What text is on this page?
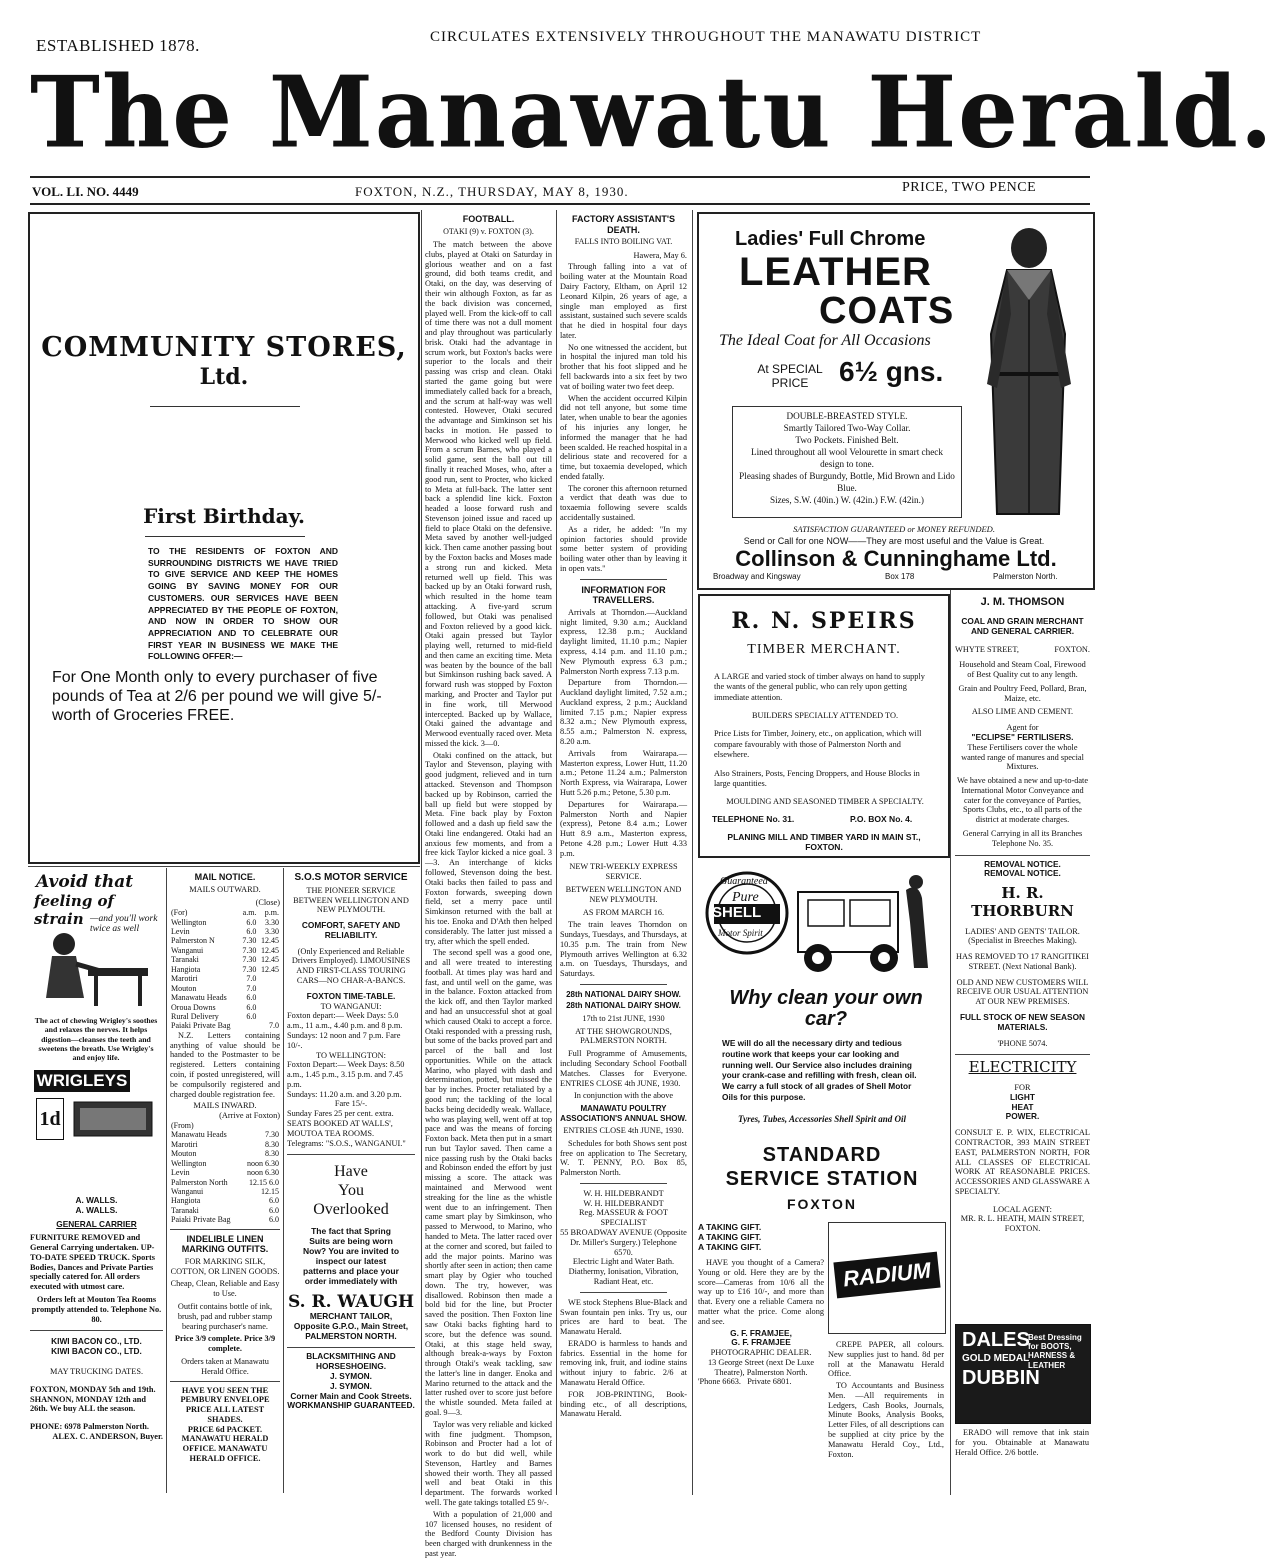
ESTABLISHED 1878.	CIRCULATES EXTENSIVELY THROUGHOUT THE MANAWATU DISTRICT
The Manawatu Herald.
VOL. LI. NO. 4449	FOXTON, N.Z., THURSDAY, MAY 8, 1930.	PRICE, TWO PENCE
COMMUNITY STORES,
Ltd.
First Birthday.
TO THE RESIDENTS OF FOXTON AND SURROUNDING DISTRICTS WE HAVE TRIED TO GIVE SERVICE AND KEEP THE HOMES GOING BY SAVING MONEY FOR OUR CUSTOMERS. OUR SERVICES HAVE BEEN APPRECIATED BY THE PEOPLE OF FOXTON, AND NOW IN ORDER TO SHOW OUR APPRECIATION AND TO CELEBRATE OUR FIRST YEAR IN BUSINESS WE MAKE THE FOLLOWING OFFER:—
For One Month only to every purchaser of five pounds of Tea at 2/6 per pound we will give 5/- worth of Groceries FREE.
FOOTBALL.
OTAKI (9) v. FOXTON (3).

The match between the above clubs, played at Otaki on Saturday in glorious weather and on a fast ground, did both teams credit, and Otaki, on the day, was deserving of their win although Foxton, as far as the back division was concerned, played well. From the kick-off to call of time there was not a dull moment and play throughout was particularly brisk. Otaki had the advantage in scrum work, but Foxton's backs were superior to the locals and their passing was crisp and clean. Otaki started the game going but were immediately called back for a breach, and the scrum at half-way was well contested. However, Otaki secured the advantage and Simkinson set his backs in motion. He passed to Merwood who kicked well up field. From a scrum Barnes, who played a solid game, sent the ball out till finally it reached Moses, who, after a good run, sent to Procter, who kicked to Meta at full-back. The latter sent back a splendid line kick. Foxton headed a loose forward rush and Stevenson joined issue and raced up field to place Otaki on the defensive. Meta saved by another well-judged kick. Then came another passing bout by the Foxton backs and Moses made a strong run and kicked. Meta returned well up field. This was backed up by an Otaki forward rush, which resulted in the home team attacking. A five-yard scrum followed, but Otaki was penalised and Foxton relieved by a good kick. Otaki again pressed but Taylor playing well, returned to mid-field and then came an exciting time. Meta was beaten by the bounce of the ball but Simkinson rushing back saved. A forward rush was stopped by Foxton marking, and Procter and Taylor put in fine work, till Merwood intercepted. Backed up by Wallace, Otaki gained the advantage and Merwood eventually raced over. Meta missed the kick. 3—0.

Otaki confined on the attack, but Taylor and Stevenson, playing with good judgment, relieved and in turn attacked. Stevenson and Thompson backed up by Robinson, carried the ball up field but were stopped by Meta. Fine back play by Foxton followed and a dash up field saw the Otaki line endangered. Otaki had an anxious few moments, and from a free kick Taylor kicked a nice goal. 3—3. An interchange of kicks followed, Stevenson doing the best. Otaki backs then failed to pass and Foxton forwards, sweeping down field, set a merry pace until Simkinson returned with the ball at his toe. Enoka and D'Ath then helped considerably. The latter just missed a try, after which the spell ended.

The second spell was a good one, and all were treated to interesting football. At times play was hard and fast, and until well on the game, was in the balance. Foxton attacked from the kick off, and then Taylor marked and had an unsuccessful shot at goal which caused Otaki to accept a force. Otaki responded with a pressing rush, but some of the backs proved part and parcel of the ball and lost opportunities. While on the attack Marino, who played with dash and determination, potted, but missed the bar by inches. Procter retaliated by a good run; the tackling of the local backs being decidedly weak. Wallace, who was playing well, went off at top pace and was the means of forcing Foxton back. Meta then put in a smart run but Taylor saved. Then came a nice passing rush by the Otaki backs and Robinson ended the effort by just missing a score. The attack was maintained and Merwood went streaking for the line as the whistle went due to an infringement. Then came smart play by Simkinson, who passed to Merwood, to Marino, who handed to Meta. The latter raced over at the corner and scored, but failed to add the major points. Marino was shortly after seen in action; then came smart play by Ogier who touched down. The try, however, was disallowed. Robinson then made a bold bid for the line, but Procter saved the position. Then Foxton line saw Otaki backs fighting hard to score, but the defence was sound. Otaki, at this stage held sway, although break-a-ways by Foxton through Otaki's weak tackling, saw the latter's line in danger. Enoka and Marino returned to the attack and the latter rushed over to score just before the whistle sounded. Meta failed at goal. 9—3.

Taylor was very reliable and kicked with fine judgment. Thompson, Robinson and Procter had a lot of work to do but did well, while Stevenson, Hartley and Barnes showed their worth. They all passed well and beat Otaki in this department. The forwards worked well. The gate takings totalled £5 9/-.

With a population of 21,000 and 107 licensed houses, no resident of the Bedford County Division has been charged with drunkenness in the past year.

FACTORY ASSISTANT'S DEATH.
FALLS INTO BOILING VAT.

Hawera, May 6.

Through falling into a vat of boiling water at the Mountain Road Dairy Factory, Eltham, on April 12 Leonard Kilpin, 26 years of age, a single man employed as first assistant, sustained such severe scalds that he died in hospital four days later.

No one witnessed the accident, but in hospital the injured man told his brother that his foot slipped and he fell backwards into a six feet by two vat of boiling water two feet deep.

When the accident occurred Kilpin did not tell anyone, but some time later, when unable to bear the agonies of his injuries any longer, he informed the manager that he had been scalded. He reached hospital in a delirious state and recovered for a time, but toxaemia developed, which ended fatally.

The coroner this afternoon returned a verdict that death was due to toxaemia following severe scalds accidentally sustained.

As a rider, he added: "In my opinion factories should provide some better system of providing boiling water other than by leaving it in open vats."

INFORMATION FOR TRAVELLERS.

Arrivals at Thorndon.—Auckland night limited, 9.30 a.m.; Auckland express, 12.38 p.m.; Auckland daylight limited, 11.10 p.m.; Napier express, 4.14 p.m. and 11.10 p.m.; New Plymouth express 6.3 p.m.; Palmerston North express 7.13 p.m.

Departure from Thorndon.—Auckland daylight limited, 7.52 a.m.; Auckland express, 2 p.m.; Auckland limited 7.15 p.m.; Napier express 8.32 a.m.; New Plymouth express, 8.55 a.m.; Palmerston N. express, 8.20 a.m.

Arrivals from Wairarapa.—Masterton express, Lower Hutt, 11.20 a.m.; Petone 11.24 a.m.; Palmerston North Express, via Wairarapa, Lower Hutt 5.26 p.m.; Petone, 5.30 p.m.

Departures for Wairarapa.—Palmerston North and Napier (express), Petone 8.4 a.m.; Lower Hutt 8.9 a.m., Masterton express, Petone 4.28 p.m.; Lower Hutt 4.33 p.m.

NEW TRI-WEEKLY EXPRESS SERVICE.
BETWEEN WELLINGTON AND NEW PLYMOUTH.
AS FROM MARCH 16.

The train leaves Thorndon on Sundays, Tuesdays, and Thursdays, at 10.35 p.m. The train from New Plymouth arrives Wellington at 6.32 a.m. on Tuesdays, Thursdays, and Saturdays.

28th NATIONAL DAIRY SHOW.
28th NATIONAL DAIRY SHOW.
17th to 21st JUNE, 1930
AT THE SHOWGROUNDS, PALMERSTON NORTH.

Full Programme of Amusements, including Secondary School Football Matches. Classes for Everyone. ENTRIES CLOSE 4th JUNE, 1930.

In conjunction with the above
MANAWATU POULTRY ASSOCIATION'S ANNUAL SHOW.
ENTRIES CLOSE 4th JUNE, 1930.

Schedules for both Shows sent post free on application to The Secretary, W. T. PENNY, P.O. Box 85, Palmerston North.

W. H. HILDEBRANDT
W. H. HILDEBRANDT
Reg. MASSEUR & FOOT SPECIALIST
55 BROADWAY AVENUE (Opposite Dr. Miller's Surgery.) Telephone 6570.
Electric Light and Water Bath. Diathermy, Ionisation, Vibration, Radiant Heat, etc.

WE stock Stephens Blue-Black and Swan fountain pen inks. Try us, our prices are hard to beat. The Manawatu Herald.

ERADO is harmless to hands and fabrics. Essential in the home for removing ink, fruit, and iodine stains without injury to fabric. 2/6 at Manawatu Herald Office.

FOR JOB-PRINTING, Book-binding etc., of all descriptions, Manawatu Herald.

Ladies' Full Chrome
LEATHER
COATS
The Ideal Coat for All Occasions
At SPECIAL PRICE	6½ gns.
DOUBLE-BREASTED STYLE.
Smartly Tailored Two-Way Collar.
Two Pockets. Finished Belt.
Lined throughout all wool Velourette in smart check design to tone.
Pleasing shades of Burgundy, Bottle, Mid Brown and Lido Blue.
Sizes, S.W. (40in.) W. (42in.) F.W. (42in.)
SATISFACTION GUARANTEED or MONEY REFUNDED.
Send or Call for one NOW——They are most useful and the Value is Great.
Collinson & Cunninghame Ltd.
Broadway and Kingsway	Box 178	Palmerston North.
R. N. SPEIRS
TIMBER MERCHANT.
A LARGE and varied stock of timber always on hand to supply the wants of the general public, who can rely upon getting immediate attention.
BUILDERS SPECIALLY ATTENDED TO.
Price Lists for Timber, Joinery, etc., on application, which will compare favourably with those of Palmerston North and elsewhere.
Also Strainers, Posts, Fencing Droppers, and House Blocks in large quantities.
MOULDING AND SEASONED TIMBER A SPECIALTY.
TELEPHONE No. 31.	P.O. BOX No. 4.
PLANING MILL AND TIMBER YARD IN MAIN ST., FOXTON.
Guaranteed
Pure
SHELL
Motor Spirit
Why clean your own car?
WE will do all the necessary dirty and tedious routine work that keeps your car looking and running well. Our Service also includes draining your crank-case and refilling with fresh, clean oil. We carry a full stock of all grades of Shell Motor Oils for this purpose.
Tyres, Tubes, Accessories Shell Spirit and Oil
STANDARD
SERVICE STATION
FOXTON
A TAKING GIFT.
A TAKING GIFT.
A TAKING GIFT.

HAVE you thought of a Camera? Young or old. Here they are by the score—Cameras from 10/6 all the way up to £16 10/-, and more than that. Every one a reliable Camera no matter what the price. Come along and see.

G. F. FRAMJEE,
G. F. FRAMJEE
PHOTOGRAPHIC DEALER.
13 George Street (next De Luxe Theatre), Palmerston North.
'Phone 6663. Private 6801.
RADIUM

CREPE PAPER, all colours. New supplies just to hand. 8d per roll at the Manawatu Herald Office.

TO Accountants and Business Men. —All requirements in Ledgers, Cash Books, Journals, Minute Books, Analysis Books, Letter Files, of all descriptions can be supplied at city price by the Manawatu Herald Coy., Ltd., Foxton.

J. M. THOMSON
COAL AND GRAIN MERCHANT AND GENERAL CARRIER.
WHYTE STREET,	FOXTON.
Household and Steam Coal, Firewood of Best Quality cut to any length.
Grain and Poultry Feed, Pollard, Bran, Maize, etc.
ALSO LIME AND CEMENT.
Agent for
"ECLIPSE" FERTILISERS.
These Fertilisers cover the whole wanted range of manures and special Mixtures.
We have obtained a new and up-to-date International Motor Conveyance and cater for the conveyance of Parties, Sports Clubs, etc., to all parts of the district at moderate charges.
General Carrying in all its Branches Telephone No. 35.
REMOVAL NOTICE.
REMOVAL NOTICE.
H. R. THORBURN
LADIES' AND GENTS' TAILOR. (Specialist in Breeches Making).
HAS REMOVED TO 17 RANGITIKEI STREET. (Next National Bank).
OLD AND NEW CUSTOMERS WILL RECEIVE OUR USUAL ATTENTION AT OUR NEW PREMISES.
FULL STOCK OF NEW SEASON MATERIALS.
'PHONE 5074.
ELECTRICITY
FOR
LIGHT
HEAT
POWER.
CONSULT E. P. WIX, ELECTRICAL CONTRACTOR, 393 MAIN STREET EAST, PALMERSTON NORTH, FOR ALL CLASSES OF ELECTRICAL WORK AT REASONABLE PRICES. ACCESSORIES AND GLASSWARE A SPECIALTY.
LOCAL AGENT:
MR. R. L. HEATH, MAIN STREET, FOXTON.
DALES
GOLD MEDAL
DUBBIN
Best Dressing for BOOTS, HARNESS & LEATHER

ERADO will remove that ink stain for you. Obtainable at Manawatu Herald Office. 2/6 bottle.

Avoid that
feeling of strain —and you'll work twice as well
The act of chewing Wrigley's soothes and relaxes the nerves. It helps digestion—cleanses the teeth and sweetens the breath. Use Wrigley's and enjoy life.
WRIGLEYS
1d
A. WALLS.
A. WALLS.
GENERAL CARRIER
FURNITURE REMOVED and General Carrying undertaken. UP-TO-DATE SPEED TRUCK. Sports Bodies, Dances and Private Parties specially catered for. All orders executed with utmost care.
Orders left at Mouton Tea Rooms promptly attended to. Telephone No. 80.
KIWI BACON CO., LTD.
KIWI BACON CO., LTD.
MAY TRUCKING DATES.
FOXTON, MONDAY 5th and 19th. SHANNON, MONDAY 12th and 26th. We buy ALL the season.
PHONE: 6978 Palmerston North.
ALEX. C. ANDERSON, Buyer.
MAIL NOTICE.
MAILS OUTWARD.
(Close)
(For)	a.m.	p.m.
Wellington	6.0	3.30
Levin	6.0	3.30
Palmerston N	7.30	12.45
Wanganui	7.30	12.45
Taranaki	7.30	12.45
Hangiota	7.30	12.45
Marotiri	7.0	
Mouton	7.0	
Manawatu Heads	6.0	
Oroua Downs	6.0	
Rural Delivery	6.0	
Paiaki Private Bag		7.0

N.Z. Letters containing anything of value should be handed to the Postmaster to be registered. Letters containing coin, if posted unregistered, will be compulsorily registered and charged double registration fee.

MAILS INWARD.
(Arrive at Foxton)
(From)	
Manawatu Heads	7.30
Marotiri	8.30
Mouton	8.30
Wellington	noon 6.30
Levin	noon 6.30
Palmerston North	12.15 6.0
Wanganui	12.15
Hangiota	6.0
Taranaki	6.0
Paiaki Private Bag	6.0
INDELIBLE LINEN MARKING OUTFITS.
FOR MARKING SILK, COTTON, OR LINEN GOODS.
Cheap, Clean, Reliable and Easy to Use.
Outfit contains bottle of ink, brush, pad and rubber stamp bearing purchaser's name.
Price 3/9 complete. Price 3/9 complete.
Orders taken at Manawatu Herald Office.
HAVE YOU SEEN THE PEMBURY ENVELOPE
PRICE ALL LATEST SHADES.
PRICE 6d PACKET.
MANAWATU HERALD OFFICE. MANAWATU HERALD OFFICE.
S.O.S MOTOR SERVICE
THE PIONEER SERVICE BETWEEN WELLINGTON AND NEW PLYMOUTH.
COMFORT, SAFETY AND RELIABILITY.
(Only Experienced and Reliable Drivers Employed). LIMOUSINES AND FIRST-CLASS TOURING CARS—NO CHAR-A-BANCS.
FOXTON TIME-TABLE.
TO WANGANUI:
Foxton depart:— Week Days: 5.0 a.m., 11 a.m., 4.40 p.m. and 8 p.m.
Sundays: 12 noon and 7 p.m. Fare 10/-.
TO WELLINGTON:
Foxton Depart:— Week Days: 8.50 a.m., 1.45 p.m., 3.15 p.m. and 7.45 p.m.
Sundays: 11.20 a.m. and 3.20 p.m.
Fare 15/-.
Sunday Fares 25 per cent. extra.
SEATS BOOKED AT WALLS', MOUTOA TEA ROOMS.
Telegrams: "S.O.S., WANGANUI."
Have
You
Overlooked
The fact that Spring Suits are being worn Now? You are invited to inspect our latest patterns and place your order immediately with
S. R. WAUGH
MERCHANT TAILOR,
Opposite G.P.O., Main Street, PALMERSTON NORTH.
BLACKSMITHING AND HORSESHOEING.
J. SYMON.
J. SYMON.
Corner Main and Cook Streets.
WORKMANSHIP GUARANTEED.
